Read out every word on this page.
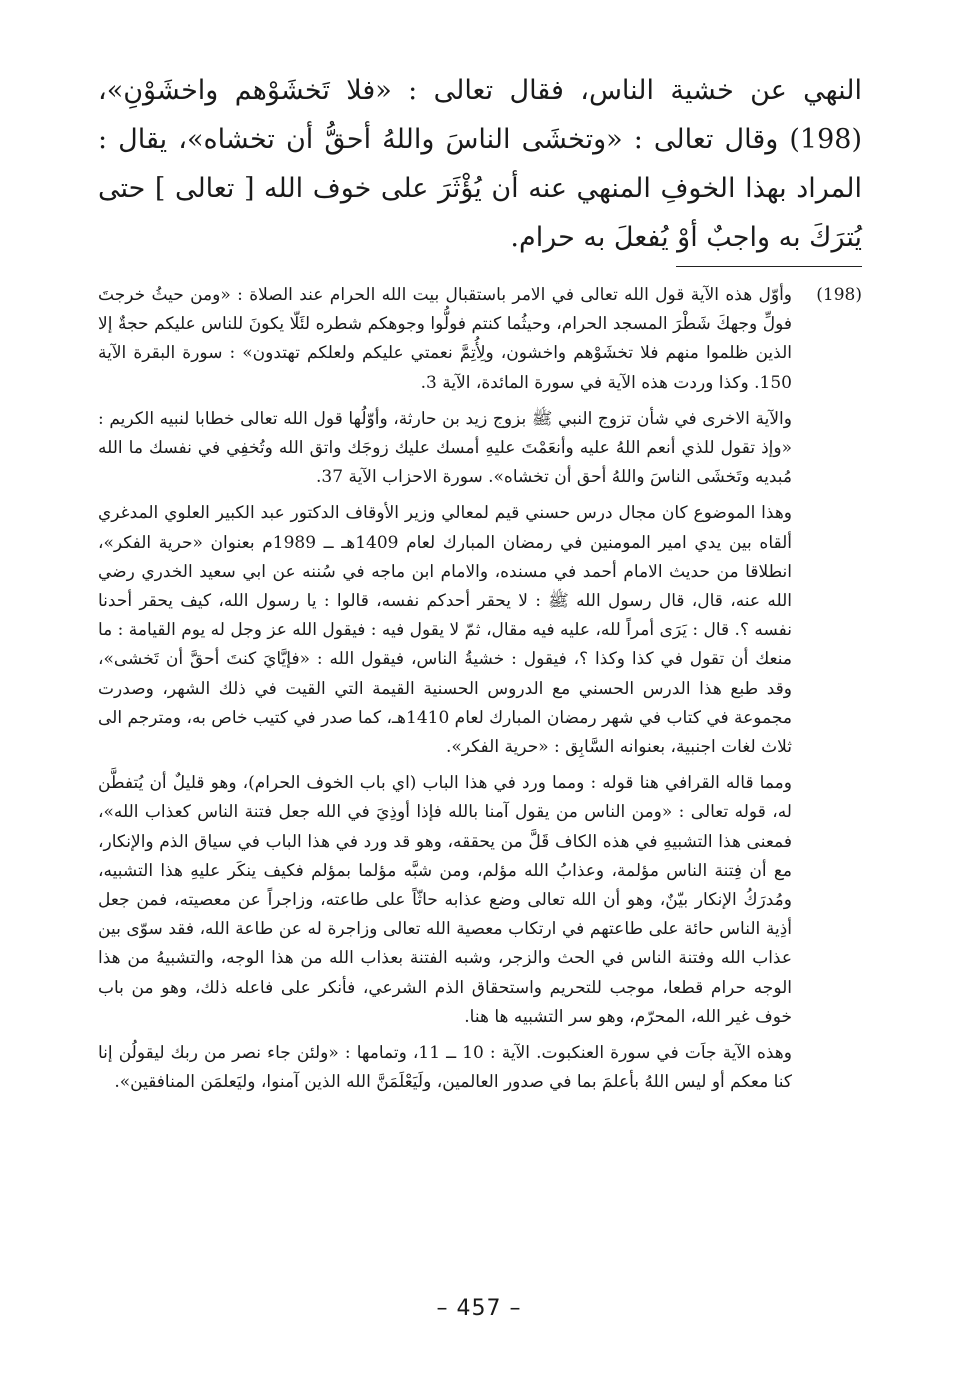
النهي عن خشية الناس، فقال تعالى : «فلا تَخشَوْهم واخشَوْنِ»،(198) وقال تعالى : «وتخشَى الناسَ واللهُ أحقُّ أن تخشاه»، يقال : المراد بهذا الخوفِ المنهي عنه أن يُؤْثَرَ على خوف الله [ تعالى ] حتى يُترَكَ به واجبٌ أوْ يُفعلَ به حرام.

(198)

وأوّل هذه الآية قول الله تعالى في الامر باستقبال بيت الله الحرام عند الصلاة : «ومن حيثُ خرجتَ فولِّ وجهكَ شَطْرَ المسجد الحرام، وحيثُما كنتم فولُّوا وجوهكم شطره لئَلّا يكونَ للناس عليكم حجةٌ إلا الذين ظلموا منهم فلا تخشَوْهم واخشون، ولِأُتِمَّ نعمتي عليكم ولعلكم تهتدون» : سورة البقرة الآية 150. وكذا وردت هذه الآية في سورة المائدة، الآية 3.

والآية الاخرى في شأن تزوج النبي ﷺ بزوج زيد بن حارثة، وأوّلُها قول الله تعالى خطابا لنبيه الكريم : «وإذ تقول للذي أنعم اللهُ عليه وأنعَمْتَ عليهِ أمسك عليك زوجَك واتق الله وتُخفِي في نفسك ما الله مُبديه وتَخشَى الناسَ واللهُ أحق أن تخشاه». سورة الاحزاب الآية 37.

وهذا الموضوع كان مجال درس حسني قيم لمعالي وزير الأوقاف الدكتور عبد الكبير العلوي المدغري ألقاه بين يدي امير المومنين في رمضان المبارك لعام 1409هـ ــ 1989م بعنوان «حرية الفكر»، انطلاقا من حديث الامام أحمد في مسنده، والامام ابن ماجه في سُننه عن ابي سعيد الخدري رضي الله عنه، قال، قال رسول الله ﷺ : لا يحقر أحدكم نفسه، قالوا : يا رسول الله، كيف يحقر أحدنا نفسه ؟. قال : يَرَى أمراً لله، عليه فيه مقال، ثمّ لا يقول فيه : فيقول الله عز وجل له يوم القيامة : ما منعك أن تقول في كذا وكذا ؟، فيقول : خشيةُ الناس، فيقول الله : «فإيَّايَ كنتَ أحقَّ أن تَخشى»، وقد طبع هذا الدرس الحسني مع الدروس الحسنية القيمة التي القيت في ذلك الشهر، وصدرت مجموعة في كتاب في شهر رمضان المبارك لعام 1410هـ، كما صدر في كتيب خاص به، ومترجم الى ثلاث لغات اجنبية، بعنوانه السَّابِق : «حرية الفكر».

ومما قاله القرافي هنا قوله : ومما ورد في هذا الباب (اي باب الخوف الحرام)، وهو قليلٌ أن يُتفطَّن له، قوله تعالى : «ومن الناس من يقول آمنا بالله فإذا أوذِيَ في الله جعل فتنة الناس كعذاب الله»، فمعنى هذا التشبيهِ في هذه الكاف قَلَّ من يحققه، وهو قد ورد في هذا الباب في سياق الذم والإنكار، مع أن فِتنة الناس مؤلمة، وعذابُ الله مؤلم، ومن شبَّه مؤلما بمؤلم فكيف ينكَر عليهِ هذا التشبيه، ومُدرَكُ الإنكار بيّنٌ، وهو أن الله تعالى وضع عذابه حاثّاً على طاعته، وزاجراً عن معصيته، فمن جعل أذِية الناس حائة على طاعتهم في ارتكاب معصية الله تعالى وزاجرة له عن طاعة الله، فقد سوّى بين عذاب الله وفتنة الناس في الحث والزجر، وشبه الفتنة بعذاب الله من هذا الوجه، والتشبيهُ من هذا الوجه حرام قطعا، موجب للتحريم واستحقاق الذم الشرعي، فأنكر على فاعله ذلك، وهو من باب خوف غير الله، المحرّم، وهو سر التشبيه ها هنا.

وهذه الآية جاَت في سورة العنكبوت. الآية : 10 ــ 11، وتمامها : «ولئن جاء نصر من ربك ليقولُن إنا كنا معكم أو ليس اللهُ بأعلمَ بما في صدور العالمين، ولَيَعْلَمَنَّ الله الذين آمنوا، وليَعلمَن المنافقين».

– 457 –
